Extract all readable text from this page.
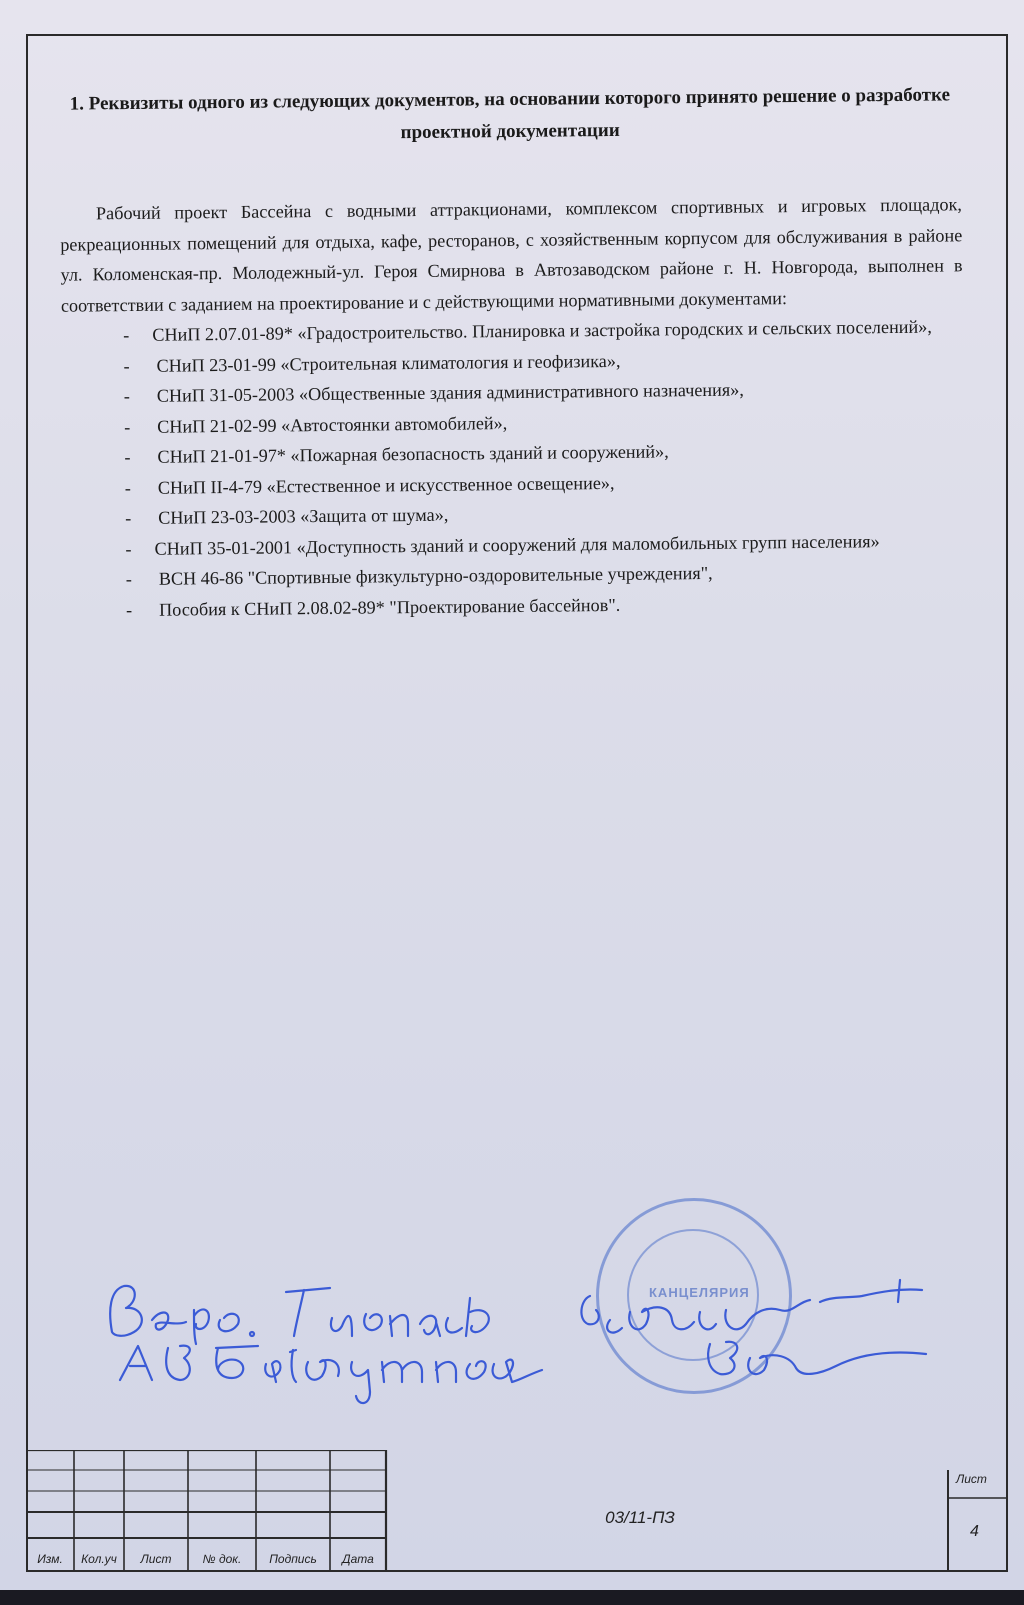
1. Реквизиты одного из следующих документов, на основании которого принято решение о разработке проектной документации

Рабочий проект Бассейна с водными аттракционами, комплексом спортивных и игровых площадок, рекреационных помещений для отдыха, кафе, ресторанов, с хозяйственным корпусом для обслуживания в районе ул. Коломенская-пр. Молодежный-ул. Героя Смирнова в Автозаводском районе г. Н. Новгорода, выполнен в соответствии с заданием на проектирование и с действующими нормативными документами:

- СНиП 2.07.01-89* «Градостроительство. Планировка и застройка городских и сельских поселений»,
- СНиП 23-01-99 «Строительная климатология и геофизика»,
- СНиП 31-05-2003 «Общественные здания административного назначения»,
- СНиП 21-02-99 «Автостоянки автомобилей»,
- СНиП 21-01-97* «Пожарная безопасность зданий и сооружений»,
- СНиП II-4-79 «Естественное и искусственное освещение»,
- СНиП 23-03-2003 «Защита от шума»,
- СНиП 35-01-2001 «Доступность зданий и сооружений для маломобильных групп населения»
- ВСН 46-86 "Спортивные физкультурно-оздоровительные учреждения",
- Пособия к СНиП 2.08.02-89* "Проектирование бассейнов".
КАНЦЕЛЯРИЯ
Изм.	Кол.уч	Лист	№ док.	Подпись	Дата
03/11-ПЗ
Лист
4
